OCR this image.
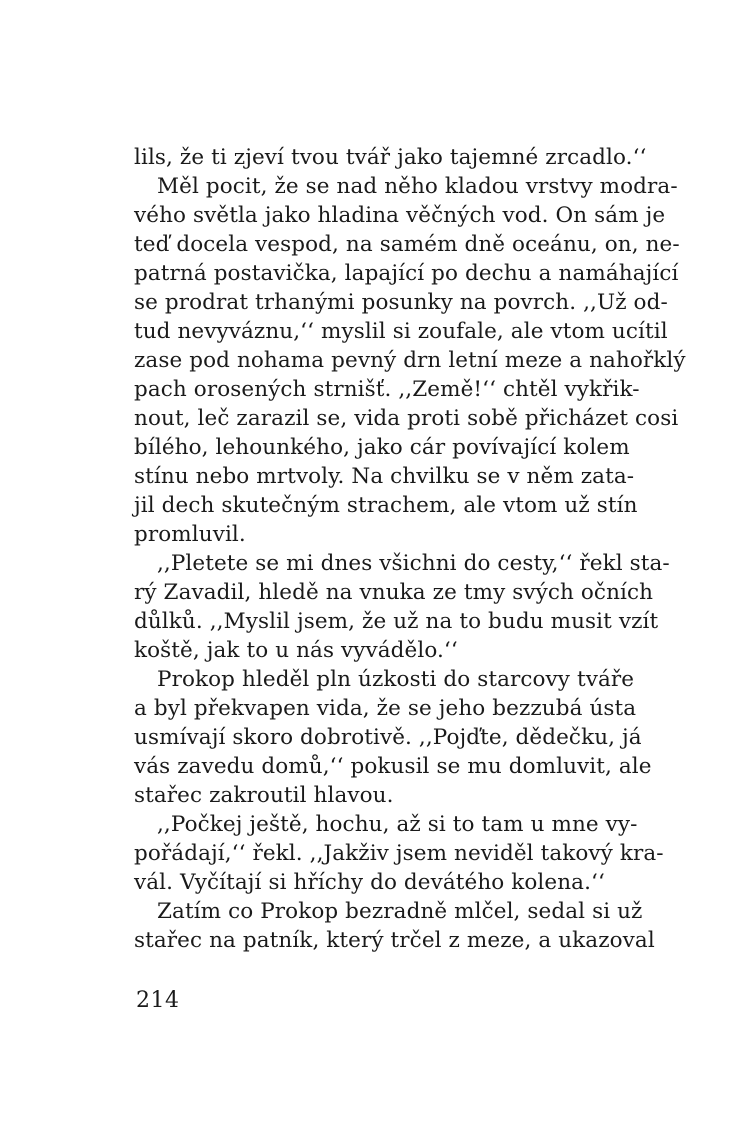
lils, že ti zjeví tvou tvář jako tajemné zrcadlo.‘‘
Měl pocit, že se nad něho kladou vrstvy modra-
vého světla jako hladina věčných vod. On sám je
teď docela vespod, na samém dně oceánu, on, ne-
patrná postavička, lapající po dechu a namáhající
se prodrat trhanými posunky na povrch. ,,Už od-
tud nevyváznu,‘‘ myslil si zoufale, ale vtom ucítil
zase pod nohama pevný drn letní meze a nahořklý
pach orosených strnišť. ,,Země!‘‘ chtěl vykřik-
nout, leč zarazil se, vida proti sobě přicházet cosi
bílého, lehounkého, jako cár povívající kolem
stínu nebo mrtvoly. Na chvilku se v něm zata-
jil dech skutečným strachem, ale vtom už stín
promluvil.
,,Pletete se mi dnes všichni do cesty,‘‘ řekl sta-
rý Zavadil, hledě na vnuka ze tmy svých očních
důlků. ,,Myslil jsem, že už na to budu musit vzít
koště, jak to u nás vyvádělo.‘‘
Prokop hleděl pln úzkosti do starcovy tváře
a byl překvapen vida, že se jeho bezzubá ústa
usmívají skoro dobrotivě. ,,Pojďte, dědečku, já
vás zavedu domů,‘‘ pokusil se mu domluvit, ale
stařec zakroutil hlavou.
,,Počkej ještě, hochu, až si to tam u mne vy-
pořádají,‘‘ řekl. ,,Jakživ jsem neviděl takový kra-
vál. Vyčítají si hříchy do devátého kolena.‘‘
Zatím co Prokop bezradně mlčel, sedal si už
stařec na patník, který trčel z meze, a ukazoval
214
